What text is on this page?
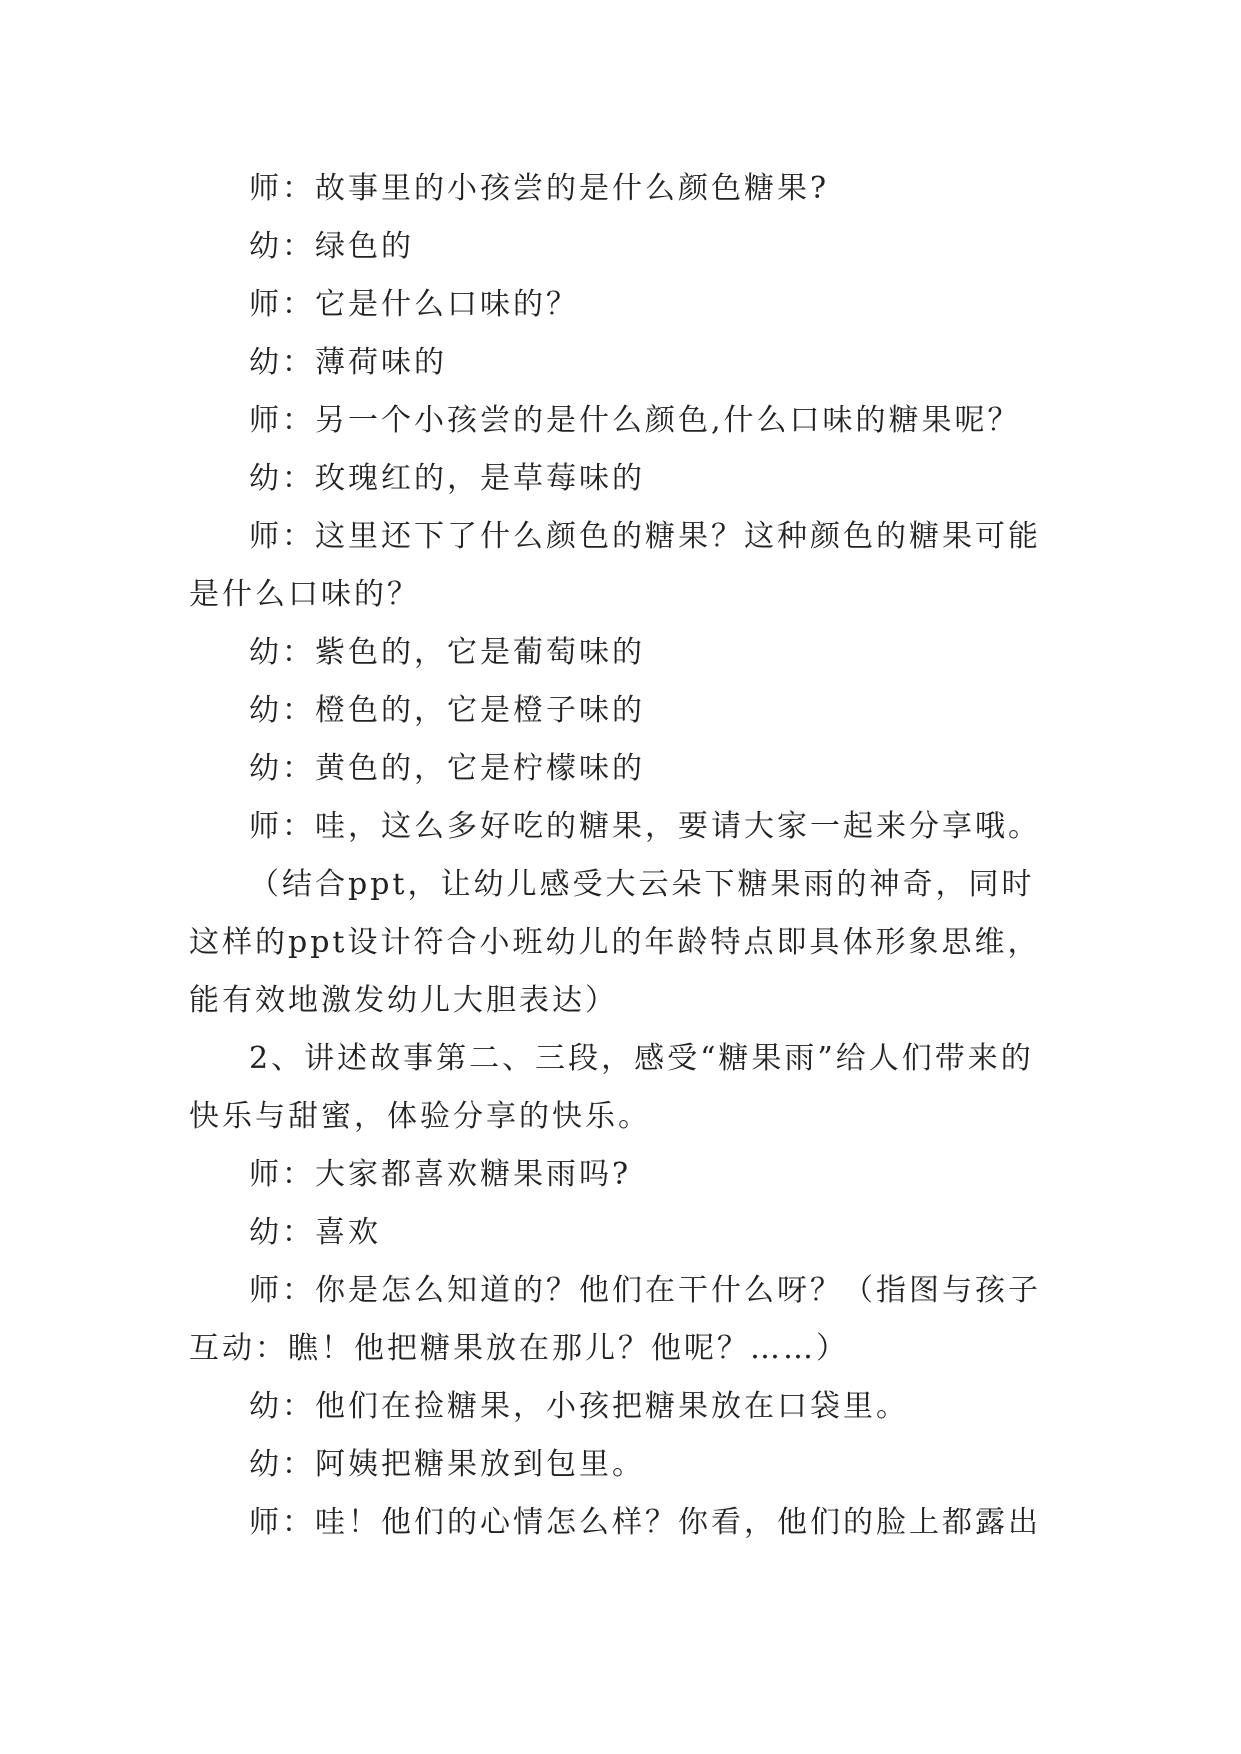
师：故事里的小孩尝的是什么颜色糖果?

幼：绿色的

师：它是什么口味的？

幼：薄荷味的

师：另一个小孩尝的是什么颜色,什么口味的糖果呢？

幼：玫瑰红的，是草莓味的

师：这里还下了什么颜色的糖果？这种颜色的糖果可能是什么口味的？

幼：紫色的，它是葡萄味的

幼：橙色的，它是橙子味的

幼：黄色的，它是柠檬味的

师：哇，这么多好吃的糖果，要请大家一起来分享哦。

（结合ppt，让幼儿感受大云朵下糖果雨的神奇，同时这样的ppt设计符合小班幼儿的年龄特点即具体形象思维，能有效地激发幼儿大胆表达）

2、讲述故事第二、三段，感受“糖果雨”给人们带来的快乐与甜蜜，体验分享的快乐。

师：大家都喜欢糖果雨吗?

幼：喜欢

师：你是怎么知道的？他们在干什么呀？（指图与孩子互动：瞧！他把糖果放在那儿？他呢？……）

幼：他们在捡糖果，小孩把糖果放在口袋里。

幼：阿姨把糖果放到包里。

师：哇！他们的心情怎么样？你看，他们的脸上都露出
